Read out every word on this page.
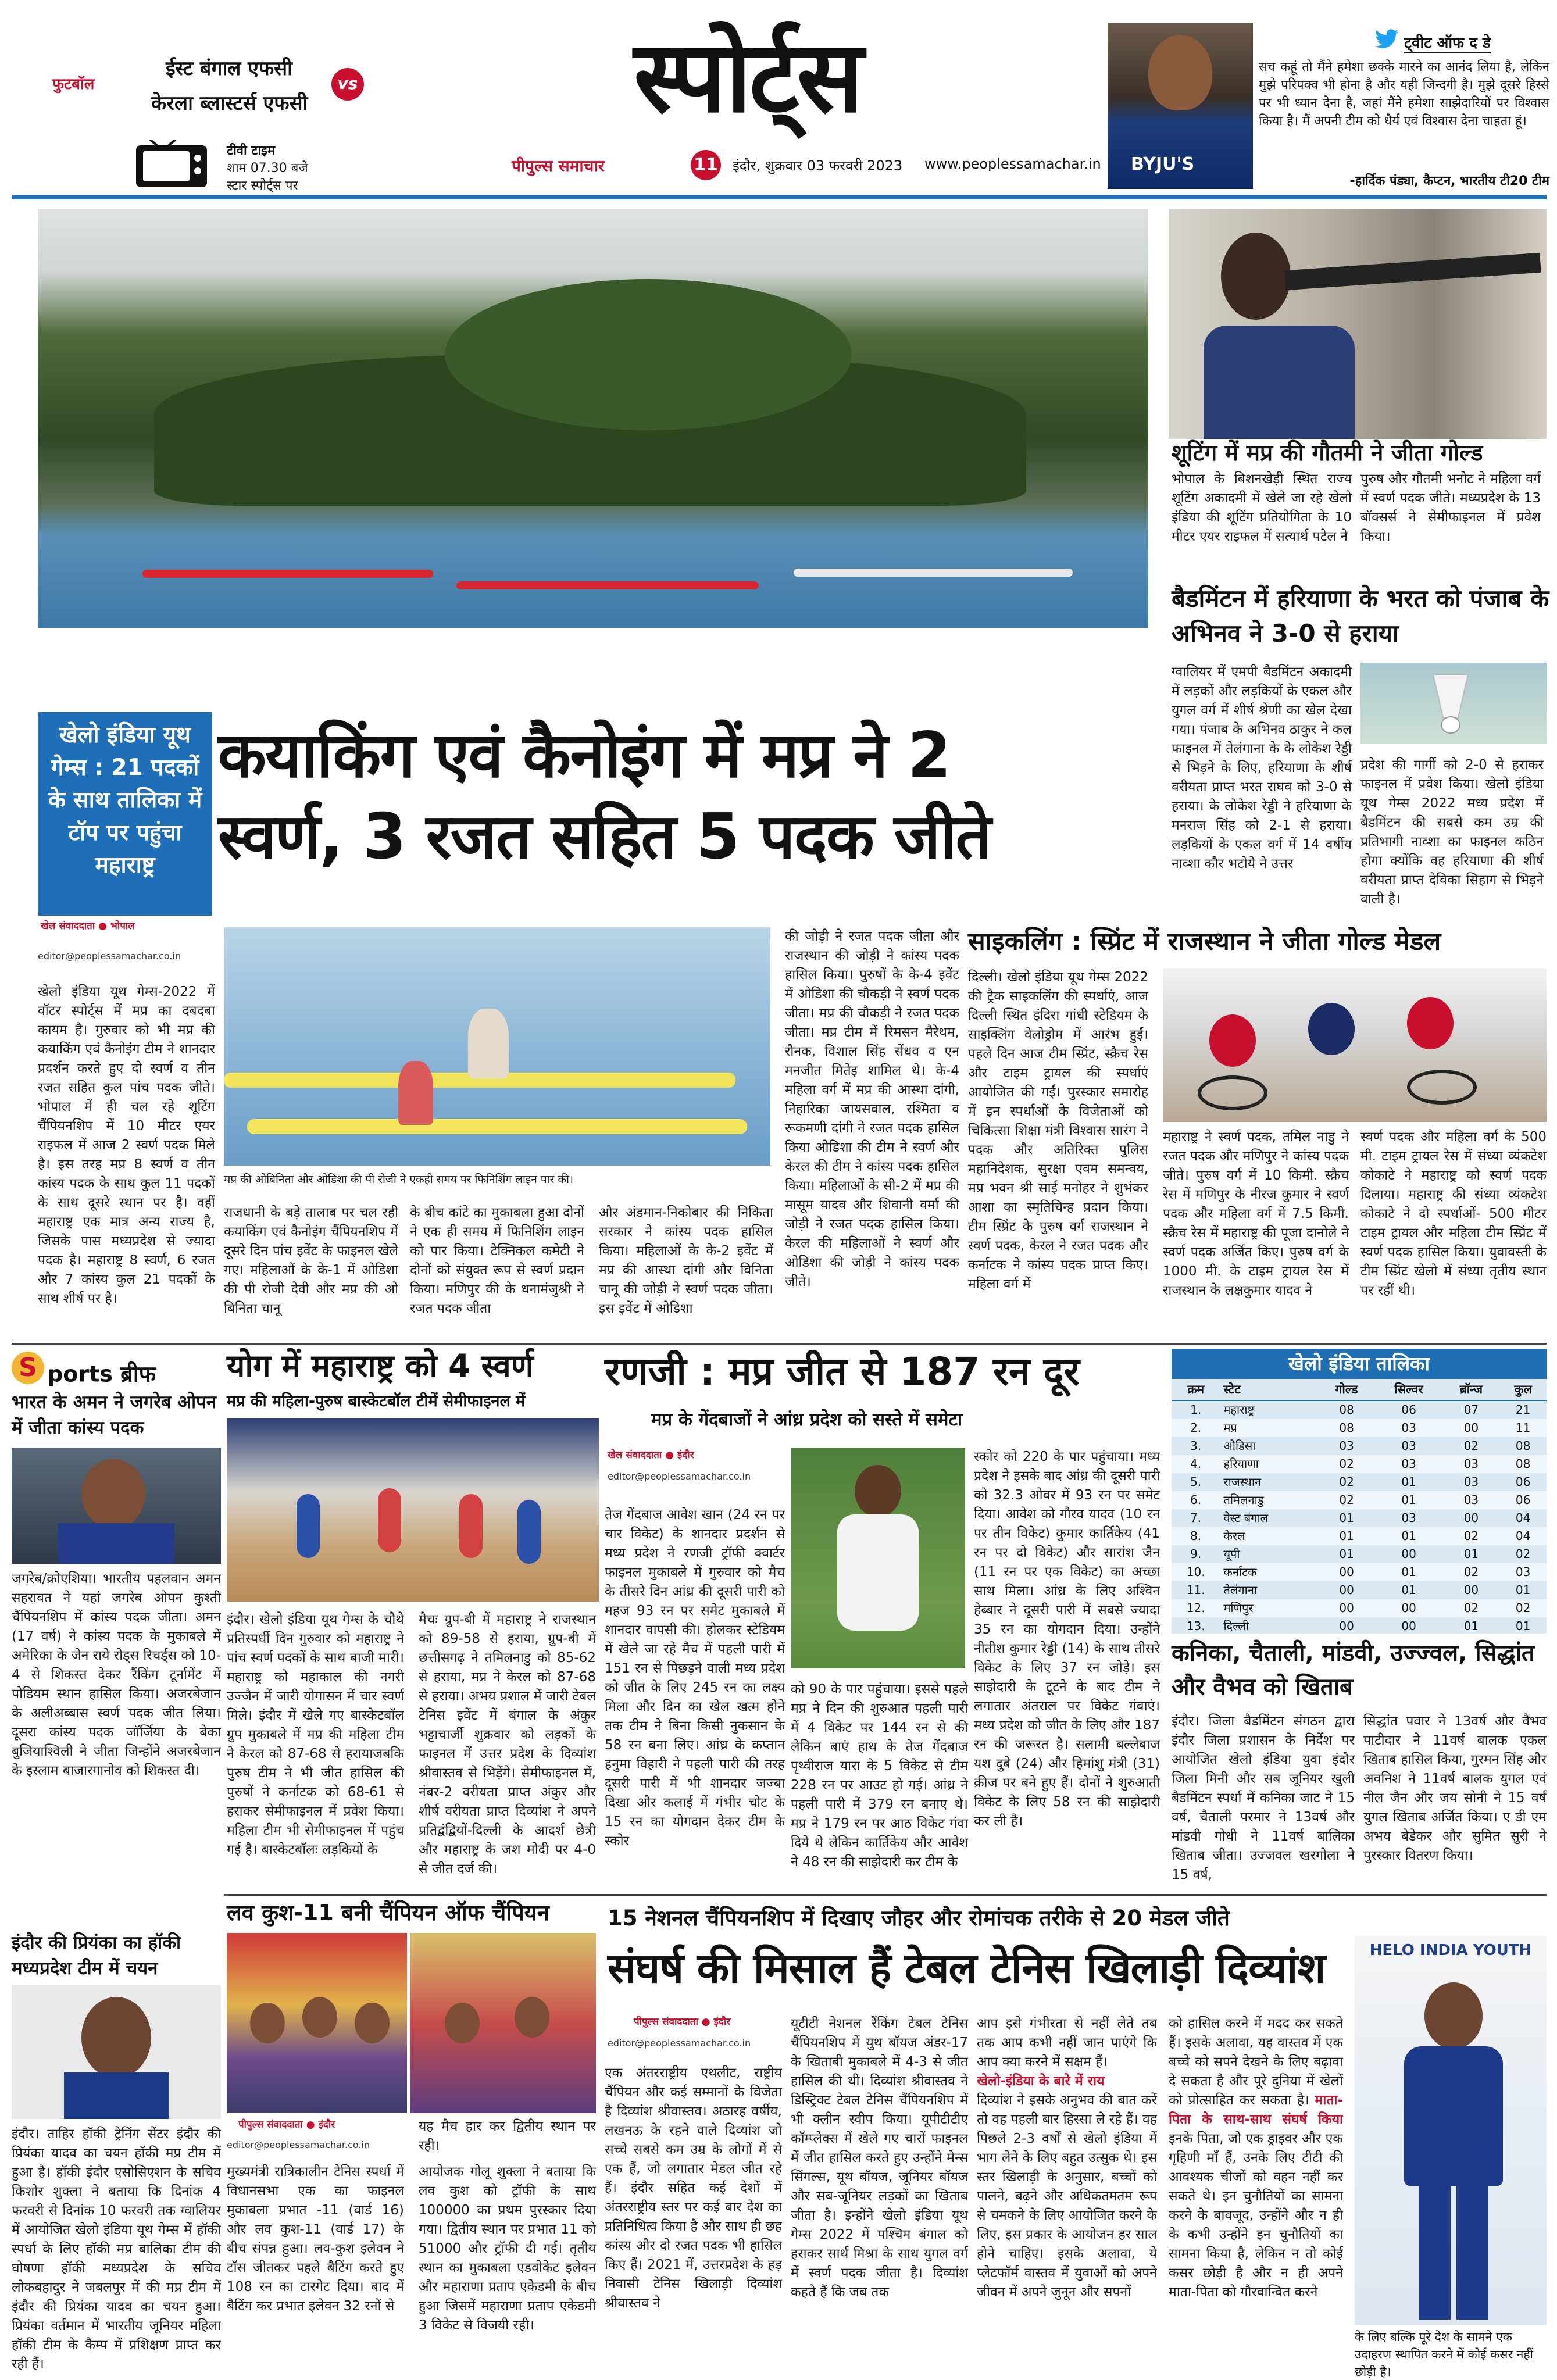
फुटबॉल
ईस्ट बंगाल एफसी
केरला ब्लास्टर्स एफसी
vs
टीवी टाइम
शाम 07.30 बजे
स्टार स्पोर्ट्स पर
स्पोर्ट्स
पीपुल्स समाचार	11 इंदौर, शुक्रवार 03 फरवरी 2023 www.peoplessamachar.in BYJU'S
ट्वीट ऑफ द डे
सच कहूं तो मैंने हमेशा छक्के मारने का आनंद लिया है, लेकिन मुझे परिपक्व भी होना है और यही जिन्दगी है। मुझे दूसरे हिस्से पर भी ध्यान देना है, जहां मैंने हमेशा साझेदारियों पर विश्वास किया है। मैं अपनी टीम को धैर्य एवं विश्वास देना चाहता हूं।
-हार्दिक पंड्या, कैप्टन, भारतीय टी20 टीम
शूटिंग में मप्र की गौतमी ने जीता गोल्ड
भोपाल के बिशनखेड़ी स्थित राज्य शूटिंग अकादमी में खेले जा रहे खेलो इंडिया की शूटिंग प्रतियोगिता के 10 मीटर एयर राइफल में सत्यार्थ पटेल ने
पुरुष और गौतमी भनोट ने महिला वर्ग में स्वर्ण पदक जीते। मध्यप्रदेश के 13 बॉक्सर्स ने सेमीफाइनल में प्रवेश किया।
बैडमिंटन में हरियाणा के भरत को पंजाब के अभिनव ने 3-0 से हराया
ग्वालियर में एमपी बैडमिंटन अकादमी में लड़कों और लड़कियों के एकल और युगल वर्ग में शीर्ष श्रेणी का खेल देखा गया। पंजाब के अभिनव ठाकुर ने कल फाइनल में तेलंगाना के के लोकेश रेड्डी से भिड़ने के लिए, हरियाणा के शीर्ष वरीयता प्राप्त भरत राघव को 3-0 से हराया। के लोकेश रेड्डी ने हरियाणा के मनराज सिंह को 2-1 से हराया। लड़कियों के एकल वर्ग में 14 वर्षीय नाव्शा कौर भटोये ने उत्तर
प्रदेश की गार्गी को 2-0 से हराकर फाइनल में प्रवेश किया। खेलो इंडिया यूथ गेम्स 2022 मध्य प्रदेश में बैडमिंटन की सबसे कम उम्र की प्रतिभागी नाव्शा का फाइनल कठिन होगा क्योंकि वह हरियाणा की शीर्ष वरीयता प्राप्त देविका सिहाग से भिड़ने वाली है।
खेलो इंडिया यूथ गेम्स : 21 पदकों के साथ तालिका में टॉप पर पहुंचा महाराष्ट्र
खेल संवाददाता ● भोपाल
editor@peoplessamachar.co.in
कयाकिंग एवं कैनोइंग में मप्र ने 2
स्वर्ण, 3 रजत सहित 5 पदक जीते
खेलो इंडिया यूथ गेम्स-2022 में वॉटर स्पोर्ट्स में मप्र का दबदबा कायम है। गुरुवार को भी मप्र की कयाकिंग एवं कैनोइंग टीम ने शानदार प्रदर्शन करते हुए दो स्वर्ण व तीन रजत सहित कुल पांच पदक जीते। भोपाल में ही चल रहे शूटिंग चैंपियनशिप में 10 मीटर एयर राइफल में आज 2 स्वर्ण पदक मिले है। इस तरह मप्र 8 स्वर्ण व तीन कांस्य पदक के साथ कुल 11 पदकों के साथ दूसरे स्थान पर है। वहीं महाराष्ट्र एक मात्र अन्य राज्य है, जिसके पास मध्यप्रदेश से ज्यादा पदक है। महाराष्ट्र 8 स्वर्ण, 6 रजत और 7 कांस्य कुल 21 पदकों के साथ शीर्ष पर है।
मप्र की ओबिनिता और ओडिशा की पी रोजी ने एकही समय पर फिनिशिंग लाइन पार की।
राजधानी के बड़े तालाब पर चल रही कयाकिंग एवं कैनोइंग चैंपियनशिप में दूसरे दिन पांच इवेंट के फाइनल खेले गए। महिलाओं के के-1 में ओडिशा की पी रोजी देवी और मप्र की ओ बिनिता चानू
के बीच कांटे का मुकाबला हुआ दोनों ने एक ही समय में फिनिशिंग लाइन को पार किया। टेक्निकल कमेटी ने दोनों को संयुक्त रूप से स्वर्ण प्रदान किया। मणिपुर की के धनामंजुश्री ने रजत पदक जीता
की जोड़ी ने रजत पदक जीता और राजस्थान की जोड़ी ने कांस्य पदक हासिल किया। पुरुषों के के-4 इवेंट में ओडिशा की चौकड़ी ने स्वर्ण पदक जीता। मप्र की चौकड़ी ने रजत पदक जीता। मप्र टीम में रिमसन मैरेथम, रौनक, विशाल सिंह सेंधव व एन मनजीत मितेइ शामिल थे। के-4 महिला वर्ग में मप्र की आस्था दांगी, निहारिका जायसवाल, रश्मिता व रूकमणी दांगी ने रजत पदक हासिल किया ओडिशा की टीम ने स्वर्ण और केरल की टीम ने कांस्य पदक हासिल किया। महिलाओं के सी-2 में मप्र की मासूम यादव और शिवानी वर्मा की जोड़ी ने रजत पदक हासिल किया। केरल की महिलाओं ने स्वर्ण और ओडिशा की जोड़ी ने कांस्य पदक जीते।
और अंडमान-निकोबार की निकिता सरकार ने कांस्य पदक हासिल किया। महिलाओं के के-2 इवेंट में मप्र की आस्था दांगी और विनिता चानू की जोड़ी ने स्वर्ण पदक जीता। इस इवेंट में ओडिशा
साइकलिंग : स्प्रिंट में राजस्थान ने जीता गोल्ड मेडल
दिल्ली। खेलो इंडिया यूथ गेम्स 2022 की ट्रैक साइकलिंग की स्पर्धाएं, आज दिल्ली स्थित इंदिरा गांधी स्टेडियम के साइक्लिंग वेलोड्रोम में आरंभ हुईं। पहले दिन आज टीम स्प्रिंट, स्क्रैच रेस और टाइम ट्रायल की स्पर्धाएं आयोजित की गईं। पुरस्कार समारोह में इन स्पर्धाओं के विजेताओं को चिकित्सा शिक्षा मंत्री विश्वास सारंग ने पदक और अतिरिक्त पुलिस महानिदेशक, सुरक्षा एवम समन्वय, मप्र भवन श्री साई मनोहर ने शुभंकर आशा का स्मृतिचिन्ह प्रदान किया। टीम स्प्रिंट के पुरुष वर्ग राजस्थान ने स्वर्ण पदक, केरल ने रजत पदक और कर्नाटक ने कांस्य पदक प्राप्त किए। महिला वर्ग में
महाराष्ट्र ने स्वर्ण पदक, तमिल नाडु ने रजत पदक और मणिपुर ने कांस्य पदक जीते। पुरुष वर्ग में 10 किमी. स्क्रैच रेस में मणिपुर के नीरज कुमार ने स्वर्ण पदक और महिला वर्ग में 7.5 किमी. स्क्रैच रेस में महाराष्ट्र की पूजा दानोले ने स्वर्ण पदक अर्जित किए। पुरुष वर्ग के 1000 मी. के टाइम ट्रायल रेस में राजस्थान के लक्षकुमार यादव ने
स्वर्ण पदक और महिला वर्ग के 500 मी. टाइम ट्रायल रेस में संध्या व्यंकटेश कोकाटे ने महाराष्ट्र को स्वर्ण पदक दिलाया। महाराष्ट्र की संध्या व्यंकटेश कोकाटे ने दो स्पर्धाओं- 500 मीटर टाइम ट्रायल और महिला टीम स्प्रिंट में स्वर्ण पदक हासिल किया। युवावस्ती के टीम स्प्रिंट खेलो में संध्या तृतीय स्थान पर रहीं थी।
S ports ब्रीफ
भारत के अमन ने जगरेब ओपन में जीता कांस्य पदक
जगरेब/क्रोएशिया। भारतीय पहलवान अमन सहरावत ने यहां जगरेब ओपन कुश्ती चैंपियनशिप में कांस्य पदक जीता। अमन (17 वर्ष) ने कांस्य पदक के मुकाबले में अमेरिका के जेन राये रोड्स रिचर्ड्स को 10-4 से शिकस्त देकर रैंकिंग टूर्नामेंट में पोडियम स्थान हासिल किया। अजरबेजान के अलीअब्बास स्वर्ण पदक जीत लिया। दूसरा कांस्य पदक जॉर्जिया के बेका बुजियाश्विली ने जीता जिन्होंने अजरबेजान के इस्लाम बाजारगानोव को शिकस्त दी।
इंदौर की प्रियंका का हॉकी मध्यप्रदेश टीम में चयन
इंदौर। ताहिर हॉकी ट्रेनिंग सेंटर इंदौर की प्रियंका यादव का चयन हॉकी मप्र टीम में हुआ है। हॉकी इंदौर एसोसिएशन के सचिव किशोर शुक्ला ने बताया कि दिनांक 4 फरवरी से दिनांक 10 फरवरी तक ग्वालियर में आयोजित खेलो इंडिया यूथ गेम्स में हॉकी स्पर्धा के लिए हॉकी मप्र बालिका टीम की घोषणा हॉकी मध्यप्रदेश के सचिव लोकबहादुर ने जबलपुर में की मप्र टीम में इंदौर की प्रियंका यादव का चयन हुआ। प्रियंका वर्तमान में भारतीय जूनियर महिला हॉकी टीम के कैम्प में प्रशिक्षण प्राप्त कर रही हैं।
योग में महाराष्ट्र को 4 स्वर्ण
मप्र की महिला-पुरुष बास्केटबॉल टीमें सेमीफाइनल में
इंदौर। खेलो इंडिया यूथ गेम्स के चौथे प्रतिस्पर्धी दिन गुरुवार को महाराष्ट्र ने पांच स्वर्ण पदकों के साथ बाजी मारी। महाराष्ट्र को महाकाल की नगरी उज्जैन में जारी योगासन में चार स्वर्ण मिले। इंदौर में खेले गए बास्केटबॉल ग्रुप मुकाबले में मप्र की महिला टीम ने केरल को 87-68 से हरायाजबकि पुरुष टीम ने भी जीत हासिल की पुरुषों ने कर्नाटक को 68-61 से हराकर सेमीफाइनल में प्रवेश किया। महिला टीम भी सेमीफाइनल में पहुंच गई है। बास्केटबॉलः लड़कियों के
मैचः ग्रुप-बी में महाराष्ट्र ने राजस्थान को 89-58 से हराया, ग्रुप-बी में छत्तीसगढ़ ने तमिलनाडु को 85-62 से हराया, मप्र ने केरल को 87-68 से हराया। अभय प्रशाल में जारी टेबल टेनिस इवेंट में बंगाल के अंकुर भट्टाचार्जी शुक्रवार को लड़कों के फाइनल में उत्तर प्रदेश के दिव्यांश श्रीवास्तव से भिड़ेंगे। सेमीफाइनल में, नंबर-2 वरीयता प्राप्त अंकुर और शीर्ष वरीयता प्राप्त दिव्यांश ने अपने प्रतिद्वंद्वियों-दिल्ली के आदर्श छेत्री और महाराष्ट्र के जश मोदी पर 4-0 से जीत दर्ज की।
रणजी : मप्र जीत से 187 रन दूर
मप्र के गेंदबाजों ने आंध्र प्रदेश को सस्ते में समेटा
खेल संवाददाता ● इंदौर
editor@peoplessamachar.co.in
तेज गेंदबाज आवेश खान (24 रन पर चार विकेट) के शानदार प्रदर्शन से मध्य प्रदेश ने रणजी ट्रॉफी क्वार्टर फाइनल मुकाबले में गुरुवार को मैच के तीसरे दिन आंध्र की दूसरी पारी को महज 93 रन पर समेट मुकाबले में शानदार वापसी की। होलकर स्टेडियम में खेले जा रहे मैच में पहली पारी में 151 रन से पिछड़ने वाली मध्य प्रदेश को जीत के लिए 245 रन का लक्ष्य मिला और दिन का खेल खत्म होने तक टीम ने बिना किसी नुकसान के 58 रन बना लिए। आंध्र के कप्तान हनुमा विहारी ने पहली पारी की तरह दूसरी पारी में भी शानदार जज्बा दिखा और कलाई में गंभीर चोट के 15 रन का योगदान देकर टीम के स्कोर
को 90 के पार पहुंचाया। इससे पहले मप्र ने दिन की शुरुआत पहली पारी में 4 विकेट पर 144 रन से की लेकिन बाएं हाथ के तेज गेंदबाज पृथ्वीराज यारा के 5 विकेट से टीम 228 रन पर आउट हो गई। आंध्र ने पहली पारी में 379 रन बनाए थे। मप्र ने 179 रन पर आठ विकेट गंवा दिये थे लेकिन कार्तिकेय और आवेश ने 48 रन की साझेदारी कर टीम के
स्कोर को 220 के पार पहुंचाया। मध्य प्रदेश ने इसके बाद आंध्र की दूसरी पारी को 32.3 ओवर में 93 रन पर समेट दिया। आवेश को गौरव यादव (10 रन पर तीन विकेट) कुमार कार्तिकेय (41 रन पर दो विकेट) और सारांश जैन (11 रन पर एक विकेट) का अच्छा साथ मिला। आंध्र के लिए अश्विन हेब्बार ने दूसरी पारी में सबसे ज्यादा 35 रन का योगदान दिया। उन्होंने नीतीश कुमार रेड्डी (14) के साथ तीसरे विकेट के लिए 37 रन जोड़े। इस साझेदारी के टूटने के बाद टीम ने लगातार अंतराल पर विकेट गंवाएं। मध्य प्रदेश को जीत के लिए और 187 रन की जरूरत है। सलामी बल्लेबाज यश दुबे (24) और हिमांशु मंत्री (31) क्रीज पर बने हुए हैं। दोनों ने शुरुआती विकेट के लिए 58 रन की साझेदारी कर ली है।
खेलो इंडिया तालिका
क्रम	स्टेट	गोल्ड	सिल्वर	ब्रॉन्ज	कुल
1.	महाराष्ट्र	08	06	07	21
2.	मप्र	08	03	00	11
3.	ओडिसा	03	03	02	08
4.	हरियाणा	02	03	03	08
5.	राजस्थान	02	01	03	06
6.	तमिलनाडु	02	01	03	06
7.	वेस्ट बंगाल	01	03	00	04
8.	केरल	01	01	02	04
9.	यूपी	01	00	01	02
10.	कर्नाटक	00	01	02	03
11.	तेलंगाना	00	01	00	01
12.	मणिपुर	00	00	02	02
13.	दिल्ली	00	00	01	01
कनिका, चैताली, मांडवी, उज्ज्वल, सिद्धांत और वैभव को खिताब
इंदौर। जिला बैडमिंटन संगठन द्वारा इंदौर जिला प्रशासन के निर्देश पर आयोजित खेलो इंडिया युवा इंदौर जिला मिनी और सब जूनियर खुली बैडमिंटन स्पर्धा में कनिका जाट ने 15 वर्ष, चैताली परमार ने 13वर्ष और मांडवी गोधी ने 11वर्ष बालिका खिताब जीता। उज्जवल खरगोला ने 15 वर्ष,
सिद्धांत पवार ने 13वर्ष और वैभव पाटीदार ने 11वर्ष बालक एकल खिताब हासिल किया, गुरमन सिंह और अवनिश ने 11वर्ष बालक युगल एवं नील जैन और जय सोनी ने 15 वर्ष युगल खिताब अर्जित किया। ए डी एम अभय बेडेकर और सुमित सुरी ने पुरस्कार वितरण किया।
लव कुश-11 बनी चैंपियन ऑफ चैंपियन
पीपुल्स संवाददाता ● इंदौर
editor@peoplessamachar.co.in
यह मैच हार कर द्वितीय स्थान पर रही।
मुख्यमंत्री रात्रिकालीन टेनिस स्पर्धा में विधानसभा एक का फाइनल मुकाबला प्रभात -11 (वार्ड 16) और लव कुश-11 (वार्ड 17) के बीच संपन्न हुआ। लव-कुश इलेवन ने टॉस जीतकर पहले बैटिंग करते हुए 108 रन का टारगेट दिया। बाद में बैटिंग कर प्रभात इलेवन 32 रनों से
आयोजक गोलू शुक्ला ने बताया कि लव कुश को ट्रॉफी के साथ 100000 का प्रथम पुरस्कार दिया गया। द्वितीय स्थान पर प्रभात 11 को 51000 और ट्रॉफी दी गई। तृतीय स्थान का मुकाबला एडवोकेट इलेवन और महाराणा प्रताप एकेडमी के बीच हुआ जिसमें महाराणा प्रताप एकेडमी 3 विकेट से विजयी रही।
15 नेशनल चैंपियनशिप में दिखाए जौहर और रोमांचक तरीके से 20 मेडल जीते
संघर्ष की मिसाल हैं टेबल टेनिस खिलाड़ी दिव्यांश
पीपुल्स संवाददाता ● इंदौर
editor@peoplessamachar.co.in
एक अंतरराष्ट्रीय एथलीट, राष्ट्रीय चैंपियन और कई सम्मानों के विजेता है दिव्यांश श्रीवास्तव। अठारह वर्षीय, लखनऊ के रहने वाले दिव्यांश जो सच्चे सबसे कम उम्र के लोगों में से एक हैं, जो लगातार मेडल जीत रहे हैं। इंदौर सहित कई देशों में अंतरराष्ट्रीय स्तर पर कई बार देश का प्रतिनिधित्व किया है और साथ ही छह कांस्य और दो रजत पदक भी हासिल किए हैं। 2021 में, उत्तरप्रदेश के हड़ निवासी टेनिस खिलाड़ी दिव्यांश श्रीवास्तव ने
यूटीटी नेशनल रैंकिंग टेबल टेनिस चैंपियनशिप में युथ बॉयज अंडर-17 के खिताबी मुकाबले में 4-3 से जीत हासिल की थी। दिव्यांश श्रीवास्तव ने डिस्ट्रिक्ट टेबल टेनिस चैंपियनशिप में भी क्लीन स्वीप किया। यूपीटीटीए कॉम्प्लेक्स में खेले गए चारों फाइनल में जीत हासिल करते हुए उन्होंने मेन्स सिंगल्स, यूथ बॉयज, जूनियर बॉयज और सब-जूनियर लड़कों का खिताब जीता है। इन्होंने खेलो इंडिया यूथ गेम्स 2022 में पश्चिम बंगाल को हराकर सार्थ मिश्रा के साथ युगल वर्ग में स्वर्ण पदक जीता है। दिव्यांश कहते हैं कि जब तक
आप इसे गंभीरता से नहीं लेते तब तक आप कभी नहीं जान पाएंगे कि आप क्या करने में सक्षम हैं।
खेलो-इंडिया के बारे में राय
दिव्यांश ने इसके अनुभव की बात करें तो वह पहली बार हिस्सा ले रहे हैं। वह पिछले 2-3 वर्षों से खेलो इंडिया में भाग लेने के लिए बहुत उत्सुक थे। इस स्तर खिलाड़ी के अनुसार, बच्चों को पालने, बढ़ने और अधिकतमतम रूप से चमकने के लिए आयोजित करने के लिए, इस प्रकार के आयोजन हर साल होने चाहिए। इसके अलावा, ये प्लेटफॉर्म वास्तव में युवाओं को अपने जीवन में अपने जुनून और सपनों
को हासिल करने में मदद कर सकते हैं। इसके अलावा, यह वास्तव में एक बच्चे को सपने देखने के लिए बढ़ावा दे सकता है और पूरे दुनिया में खेलों को प्रोत्साहित कर सकता है। माता-पिता के साथ-साथ संघर्ष किया इनके पिता, जो एक ड्राइवर और एक गृहिणी माँ हैं, उनके लिए टीटी की आवश्यक चीजों को वहन नहीं कर सकते थे। इन चुनौतियों का सामना करने के बावजूद, उन्होंने और न ही के कभी उन्होंने इन चुनौतियों का सामना किया है, लेकिन न तो कोई कसर छोड़ी है और न ही अपने माता-पिता को गौरवान्वित करने
HELO INDIA YOUTH
के लिए बल्कि पूरे देश के सामने एक उदाहरण स्थापित करने में कोई कसर नहीं छोड़ी है।
